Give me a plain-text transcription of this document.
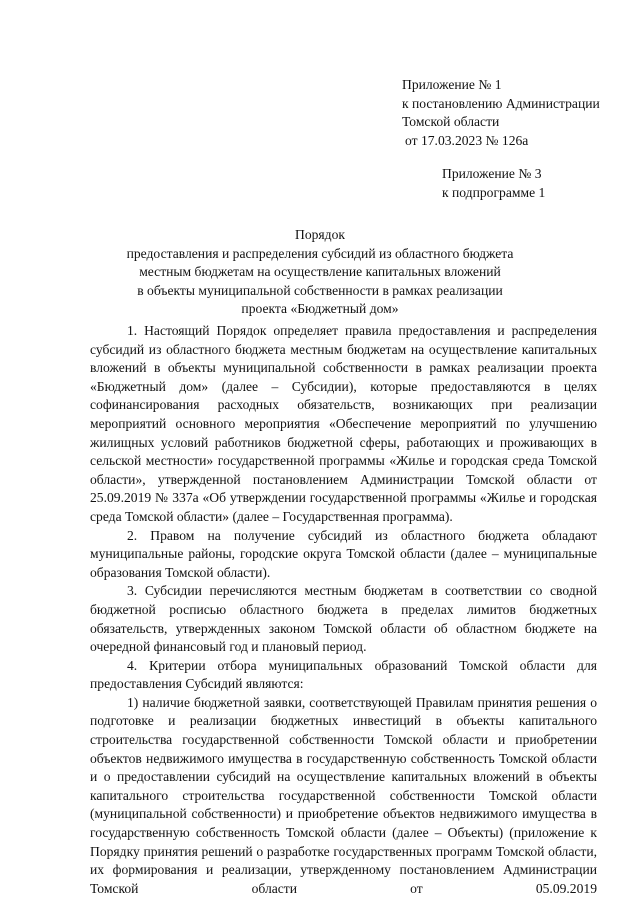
Приложение № 1
к постановлению Администрации
Томской области
от 17.03.2023 № 126а
Приложение № 3
к подпрограмме 1
Порядок
предоставления и распределения субсидий из областного бюджета
местным бюджетам на осуществление капитальных вложений
в объекты муниципальной собственности в рамках реализации
проекта «Бюджетный дом»

1. Настоящий Порядок определяет правила предоставления и распределения субсидий из областного бюджета местным бюджетам на осуществление капитальных вложений в объекты муниципальной собственности в рамках реализации проекта «Бюджетный дом» (далее – Субсидии), которые предоставляются в целях софинансирования расходных обязательств, возникающих при реализации мероприятий основного мероприятия «Обеспечение мероприятий по улучшению жилищных условий работников бюджетной сферы, работающих и проживающих в сельской местности» государственной программы «Жилье и городская среда Томской области», утвержденной постановлением Администрации Томской области от 25.09.2019 № 337а «Об утверждении государственной программы «Жилье и городская среда Томской области» (далее – Государственная программа).

2. Правом на получение субсидий из областного бюджета обладают муниципальные районы, городские округа Томской области (далее – муниципальные образования Томской области).

3. Субсидии перечисляются местным бюджетам в соответствии со сводной бюджетной росписью областного бюджета в пределах лимитов бюджетных обязательств, утвержденных законом Томской области об областном бюджете на очередной финансовый год и плановый период.

4. Критерии отбора муниципальных образований Томской области для предоставления Субсидий являются:

1) наличие бюджетной заявки, соответствующей Правилам принятия решения о подготовке и реализации бюджетных инвестиций в объекты капитального строительства государственной собственности Томской области и приобретении объектов недвижимого имущества в государственную собственность Томской области и о предоставлении субсидий на осуществление капитальных вложений в объекты капитального строительства государственной собственности Томской области (муниципальной собственности) и приобретение объектов недвижимого имущества в государственную собственность Томской области (далее – Объекты) (приложение к Порядку принятия решений о разработке государственных программ Томской области, их формирования и реализации, утвержденному постановлением Администрации Томской области от 05.09.2019
